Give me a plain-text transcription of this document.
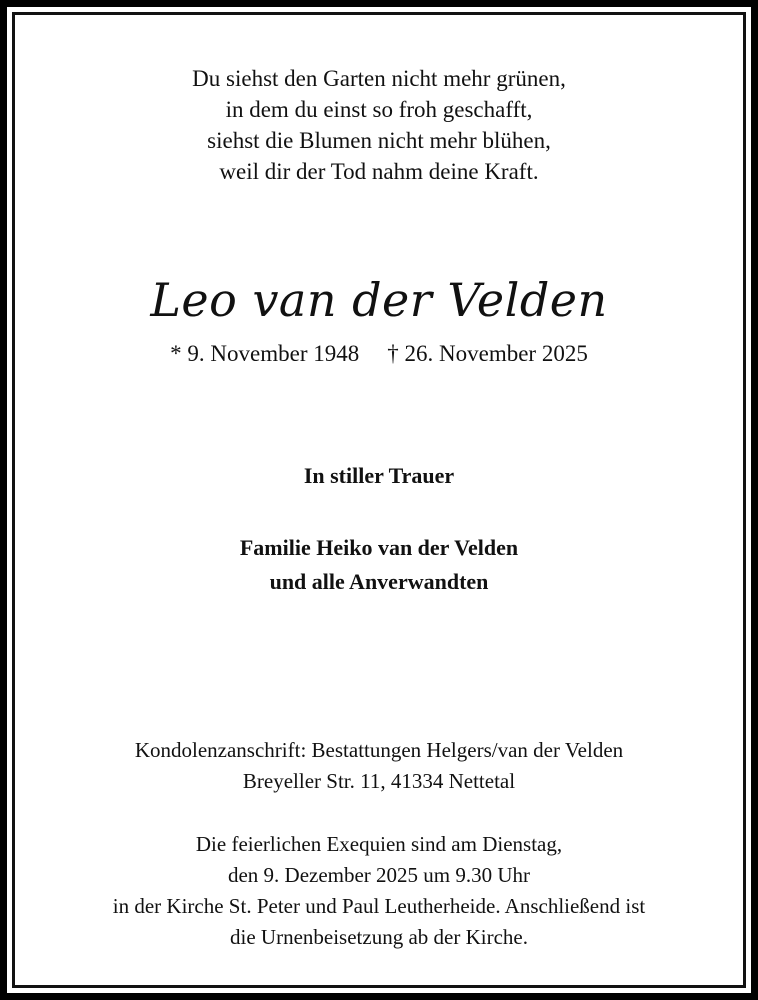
Du siehst den Garten nicht mehr grünen,
in dem du einst so froh geschafft,
siehst die Blumen nicht mehr blühen,
weil dir der Tod nahm deine Kraft.
Leo van der Velden
* 9. November 1948 † 26. November 2025
In stiller Trauer
Familie Heiko van der Velden
und alle Anverwandten
Kondolenzanschrift: Bestattungen Helgers/van der Velden
Breyeller Str. 11, 41334 Nettetal
Die feierlichen Exequien sind am Dienstag,
den 9. Dezember 2025 um 9.30 Uhr
in der Kirche St. Peter und Paul Leutherheide. Anschließend ist
die Urnenbeisetzung ab der Kirche.
